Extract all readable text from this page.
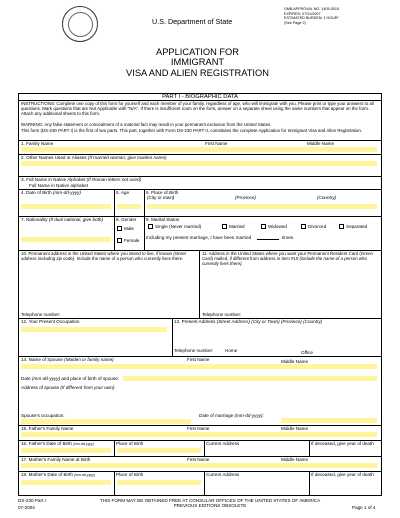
U.S. Department of State
OMB APPROVAL NO. 1405-0015
EXPIRES: 07/31/2007
ESTIMATED BURDEN: 1 HOUR*
(See Page 2)
APPLICATION FOR
IMMIGRANT
VISA AND ALIEN REGISTRATION
PART I - BIOGRAPHIC DATA
INSTRUCTIONS: Complete one copy of this form for yourself and each member of your family, regardless of age, who will immigrate with you. Please print or type your answers to all questions. Mark questions that are Not Applicable with "N/A". If there is insufficient room on the form, answer on a separate sheet using the same numbers that appear on the form. Attach any additional sheets to this form.
WARNING: Any false statement or concealment of a material fact may result in your permanent exclusion from the United States.
This form (DS-230 PART I) is the first of two parts. This part, together with Form DS-230 PART II, constitutes the complete Application for Immigrant Visa and Alien Registration.
1. Family Name	First Name	Middle Name
2. Other Names Used or Aliases (If married woman, give maiden name)
3. Full Name in Native Alphabet (If Roman letters not used)
Full Name in Native alphabet
4. Date of Birth (mm-dd-yyyy)	5. Age	6. Place of Birth
(City or town)	(Province)	(Country)
7. Nationality (If dual national, give both)	8. Gender
Male
Female
9. Marital Status
Single (Never married)	Married	Widowed	Divorced	Separated
Including my present marriage, I have been married	times.
10. Permanent address in the United States where you intend to live, if known (street address including zip code). Include the name of a person who currently lives there.
11. Address in the United States where you want your Permanent Resident Card (Green Card) mailed, if different from address in item #10 (include the name of a person who currently lives there).
Telephone number:	Telephone number:
12. Your Present Occupation	13. Present Address (Street Address) (City or Town) (Province) (Country)
Telephone number:	Home	Office
14. Name of Spouse (Maiden or family name)	First Name	Middle Name
Date (mm-dd-yyyy) and place of birth of spouse:
Address of spouse (If different from your own):
Spouse's occupation:	Date of marriage (mm-dd-yyyy):
15. Father's Family Name	First Name	Middle Name
16. Father's Date of Birth (mm-dd-yyyy)	Place of Birth	Current Address	If deceased, give year of death
17. Mother's Family Name at Birth	First Name	Middle Name
18. Mother's Date of Birth (mm-dd-yyyy)	Place of Birth	Current Address	If deceased, give year of death
DS-230 Part I
07-2004
THIS FORM MAY BE OBTAINED FREE AT CONSULAR OFFICES OF THE UNITED STATES OF AMERICA
PREVIOUS EDITIONS OBSOLETE	Page 1 of 4
